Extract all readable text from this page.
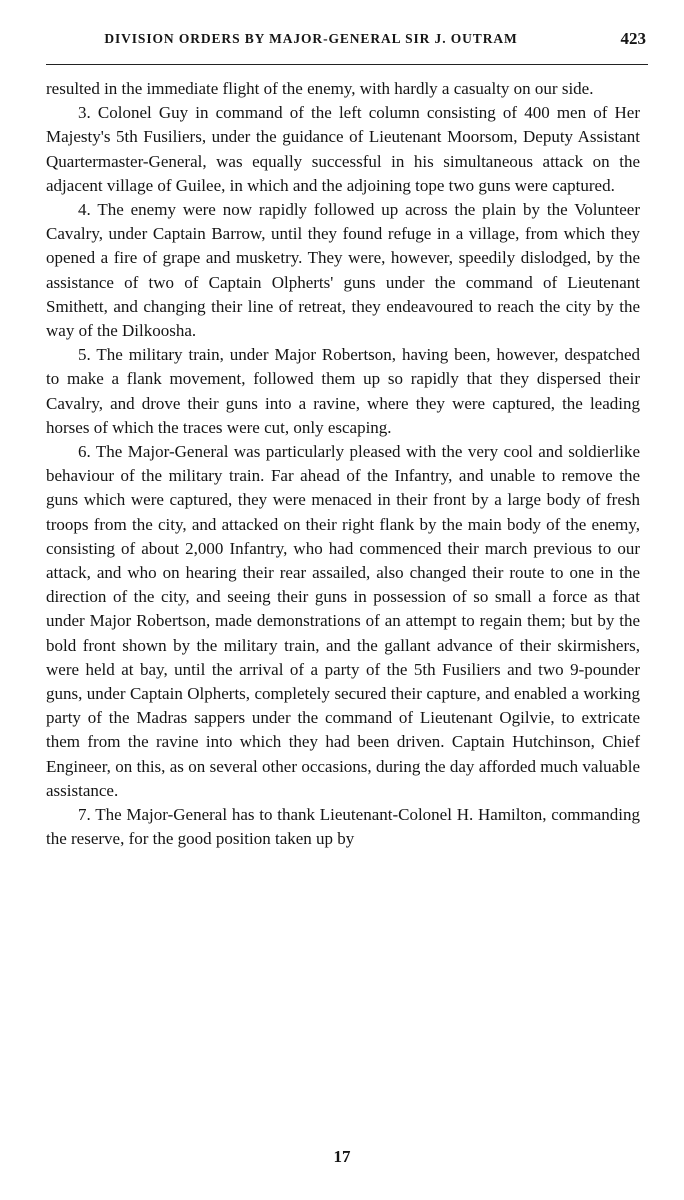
DIVISION ORDERS BY MAJOR-GENERAL SIR J. OUTRAM	423

resulted in the immediate flight of the enemy, with hardly a casualty on our side.

3. Colonel Guy in command of the left column consisting of 400 men of Her Majesty's 5th Fusiliers, under the guidance of Lieutenant Moorsom, Deputy Assistant Quartermaster-General, was equally successful in his simultaneous attack on the adjacent village of Guilee, in which and the adjoining tope two guns were captured.

4. The enemy were now rapidly followed up across the plain by the Volunteer Cavalry, under Captain Barrow, until they found refuge in a village, from which they opened a fire of grape and musketry. They were, however, speedily dislodged, by the assistance of two of Captain Olpherts' guns under the command of Lieutenant Smithett, and changing their line of retreat, they endeavoured to reach the city by the way of the Dilkoosha.

5. The military train, under Major Robertson, having been, however, despatched to make a flank movement, followed them up so rapidly that they dispersed their Cavalry, and drove their guns into a ravine, where they were captured, the leading horses of which the traces were cut, only escaping.

6. The Major-General was particularly pleased with the very cool and soldierlike behaviour of the military train. Far ahead of the Infantry, and unable to remove the guns which were captured, they were menaced in their front by a large body of fresh troops from the city, and attacked on their right flank by the main body of the enemy, consisting of about 2,000 Infantry, who had commenced their march previous to our attack, and who on hearing their rear assailed, also changed their route to one in the direction of the city, and seeing their guns in possession of so small a force as that under Major Robertson, made demonstrations of an attempt to regain them; but by the bold front shown by the military train, and the gallant advance of their skirmishers, were held at bay, until the arrival of a party of the 5th Fusiliers and two 9-pounder guns, under Captain Olpherts, completely secured their capture, and enabled a working party of the Madras sappers under the command of Lieutenant Ogilvie, to extricate them from the ravine into which they had been driven. Captain Hutchinson, Chief Engineer, on this, as on several other occasions, during the day afforded much valuable assistance.

7. The Major-General has to thank Lieutenant-Colonel H. Hamilton, commanding the reserve, for the good position taken up by

17
